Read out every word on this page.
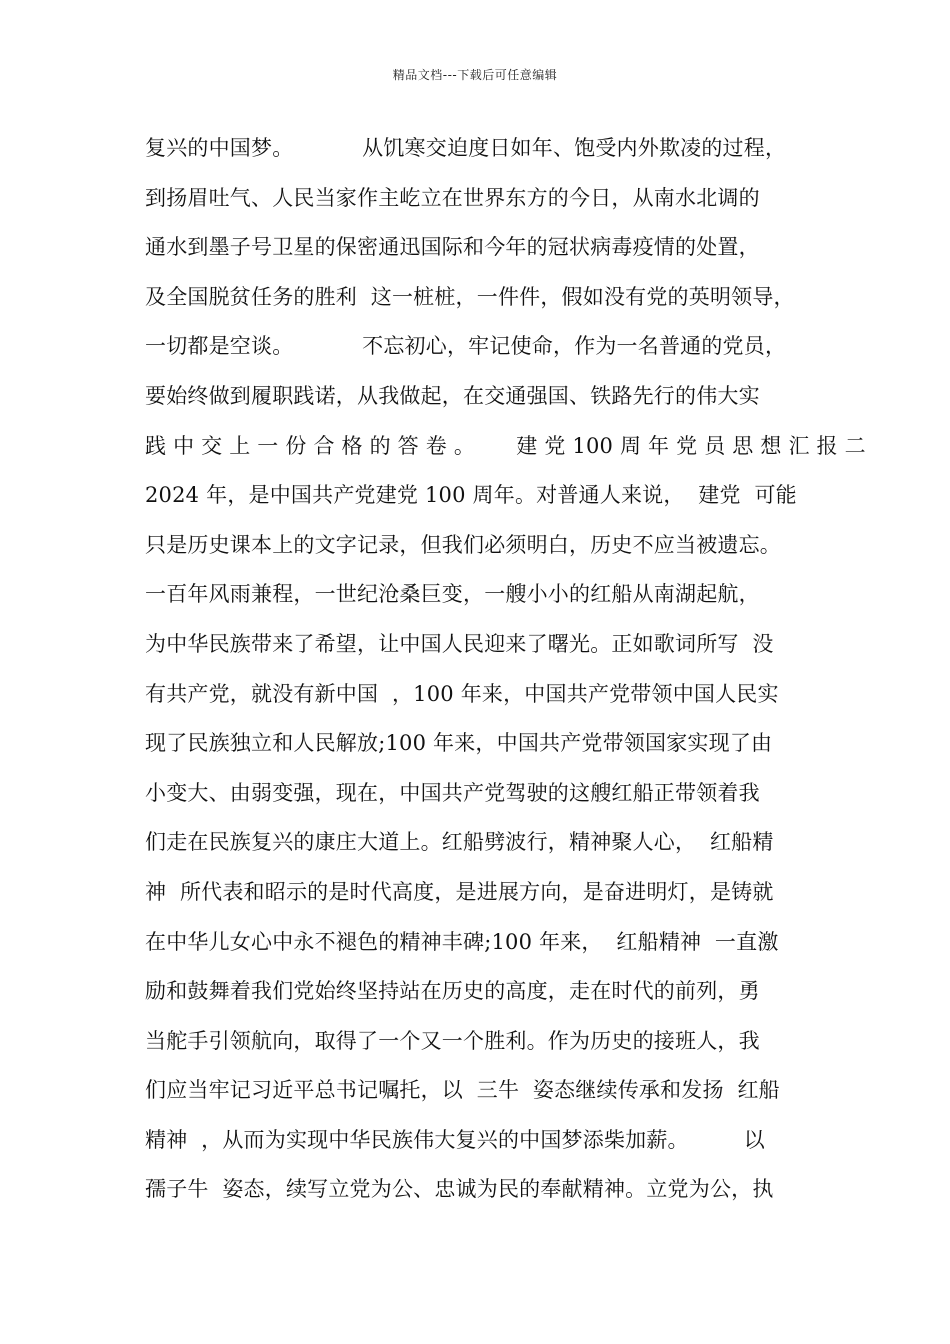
精品文档---下载后可任意编辑
复兴的中国梦。          从饥寒交迫度日如年、饱受内外欺凌的过程，
到扬眉吐气、人民当家作主屹立在世界东方的今日，从南水北调的
通水到墨子号卫星的保密通迅国际和今年的冠状病毒疫情的处置，
及全国脱贫任务的胜利  这一桩桩，一件件，假如没有党的英明领导，
一切都是空谈。          不忘初心，牢记使命，作为一名普通的党员，
要始终做到履职践诺，从我做起，在交通强国、铁路先行的伟大实
践 中 交 上 一 份 合 格 的 答 卷 。      建 党 100 周 年 党 员 思 想 汇 报 二
2024 年，是中国共产党建党 100 周年。对普通人来说，  建党  可能
只是历史课本上的文字记录，但我们必须明白，历史不应当被遗忘。
一百年风雨兼程，一世纪沧桑巨变，一艘小小的红船从南湖起航，
为中华民族带来了希望，让中国人民迎来了曙光。正如歌词所写  没
有共产党，就没有新中国  ，100 年来，中国共产党带领中国人民实
现了民族独立和人民解放;100 年来，中国共产党带领国家实现了由
小变大、由弱变强，现在，中国共产党驾驶的这艘红船正带领着我
们走在民族复兴的康庄大道上。红船劈波行，精神聚人心，  红船精
神  所代表和昭示的是时代高度，是进展方向，是奋进明灯，是铸就
在中华儿女心中永不褪色的精神丰碑;100 年来，  红船精神  一直激
励和鼓舞着我们党始终坚持站在历史的高度，走在时代的前列，勇
当舵手引领航向，取得了一个又一个胜利。作为历史的接班人，我
们应当牢记习近平总书记嘱托，以  三牛  姿态继续传承和发扬  红船
精神  ，从而为实现中华民族伟大复兴的中国梦添柴加薪。        以
孺子牛  姿态，续写立党为公、忠诚为民的奉献精神。立党为公，执
